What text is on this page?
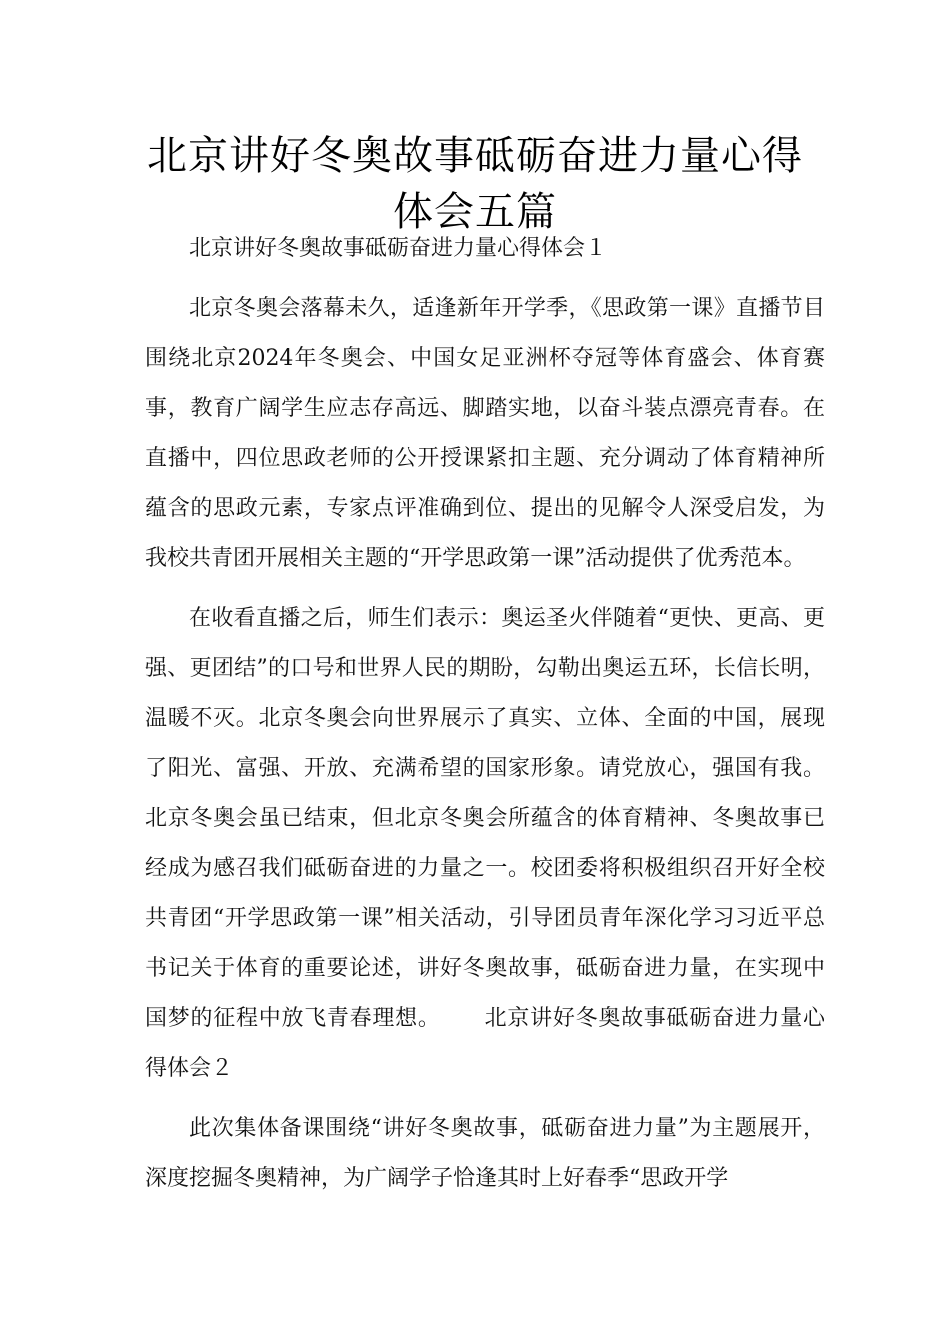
北京讲好冬奥故事砥砺奋进力量心得体会五篇

北京讲好冬奥故事砥砺奋进力量心得体会１

北京冬奥会落幕未久，适逢新年开学季，《思政第一课》直播节目围绕北京2024年冬奥会、中国女足亚洲杯夺冠等体育盛会、体育赛事，教育广阔学生应志存高远、脚踏实地，以奋斗装点漂亮青春。在直播中，四位思政老师的公开授课紧扣主题、充分调动了体育精神所蕴含的思政元素，专家点评准确到位、提出的见解令人深受启发，为我校共青团开展相关主题的“开学思政第一课”活动提供了优秀范本。

在收看直播之后，师生们表示：奥运圣火伴随着“更快、更高、更强、更团结”的口号和世界人民的期盼，勾勒出奥运五环，长信长明，温暖不灭。北京冬奥会向世界展示了真实、立体、全面的中国，展现了阳光、富强、开放、充满希望的国家形象。请党放心，强国有我。北京冬奥会虽已结束，但北京冬奥会所蕴含的体育精神、冬奥故事已经成为感召我们砥砺奋进的力量之一。校团委将积极组织召开好全校共青团“开学思政第一课”相关活动，引导团员青年深化学习习近平总书记关于体育的重要论述，讲好冬奥故事，砥砺奋进力量，在实现中国梦的征程中放飞青春理想。 北京讲好冬奥故事砥砺奋进力量心得体会２

此次集体备课围绕“讲好冬奥故事，砥砺奋进力量”为主题展开，深度挖掘冬奥精神，为广阔学子恰逢其时上好春季“思政开学
